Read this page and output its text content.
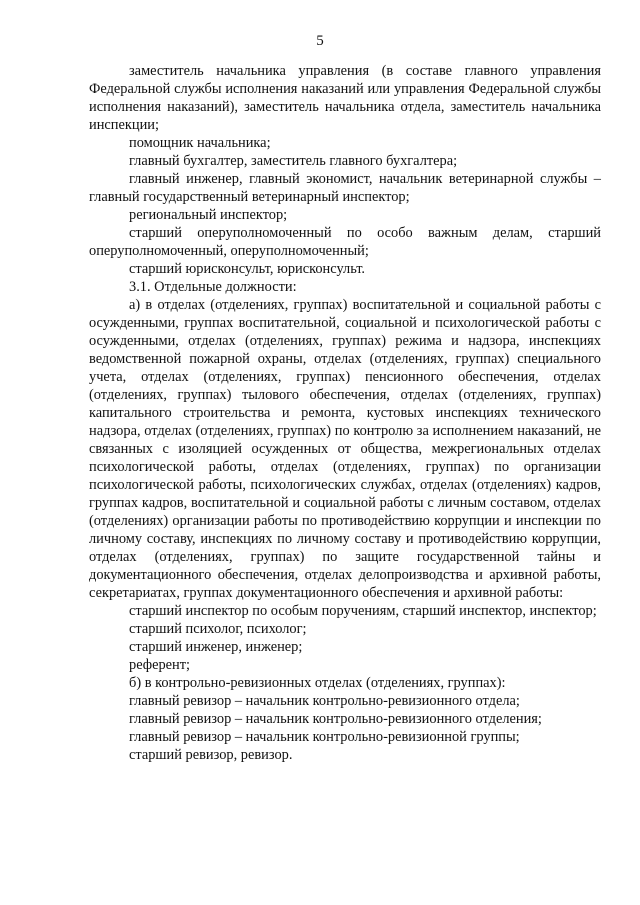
5

заместитель начальника управления (в составе главного управления Федеральной службы исполнения наказаний или управления Федеральной службы исполнения наказаний), заместитель начальника отдела, заместитель начальника инспекции;

помощник начальника;

главный бухгалтер, заместитель главного бухгалтера;

главный инженер, главный экономист, начальник ветеринарной службы – главный государственный ветеринарный инспектор;

региональный инспектор;

старший оперуполномоченный по особо важным делам, старший оперуполномоченный, оперуполномоченный;

старший юрисконсульт, юрисконсульт.

3.1. Отдельные должности:

а) в отделах (отделениях, группах) воспитательной и социальной работы с осужденными, группах воспитательной, социальной и психологической работы с осужденными, отделах (отделениях, группах) режима и надзора, инспекциях ведомственной пожарной охраны, отделах (отделениях, группах) специального учета, отделах (отделениях, группах) пенсионного обеспечения, отделах (отделениях, группах) тылового обеспечения, отделах (отделениях, группах) капитального строительства и ремонта, кустовых инспекциях технического надзора, отделах (отделениях, группах) по контролю за исполнением наказаний, не связанных с изоляцией осужденных от общества, межрегиональных отделах психологической работы, отделах (отделениях, группах) по организации психологической работы, психологических службах, отделах (отделениях) кадров, группах кадров, воспитательной и социальной работы с личным составом, отделах (отделениях) организации работы по противодействию коррупции и инспекции по личному составу, инспекциях по личному составу и противодействию коррупции, отделах (отделениях, группах) по защите государственной тайны и документационного обеспечения, отделах делопроизводства и архивной работы, секретариатах, группах документационного обеспечения и архивной работы:

старший инспектор по особым поручениям, старший инспектор, инспектор;

старший психолог, психолог;

старший инженер, инженер;

референт;

б) в контрольно-ревизионных отделах (отделениях, группах):

главный ревизор – начальник контрольно-ревизионного отдела;

главный ревизор – начальник контрольно-ревизионного отделения;

главный ревизор – начальник контрольно-ревизионной группы;

старший ревизор, ревизор.
